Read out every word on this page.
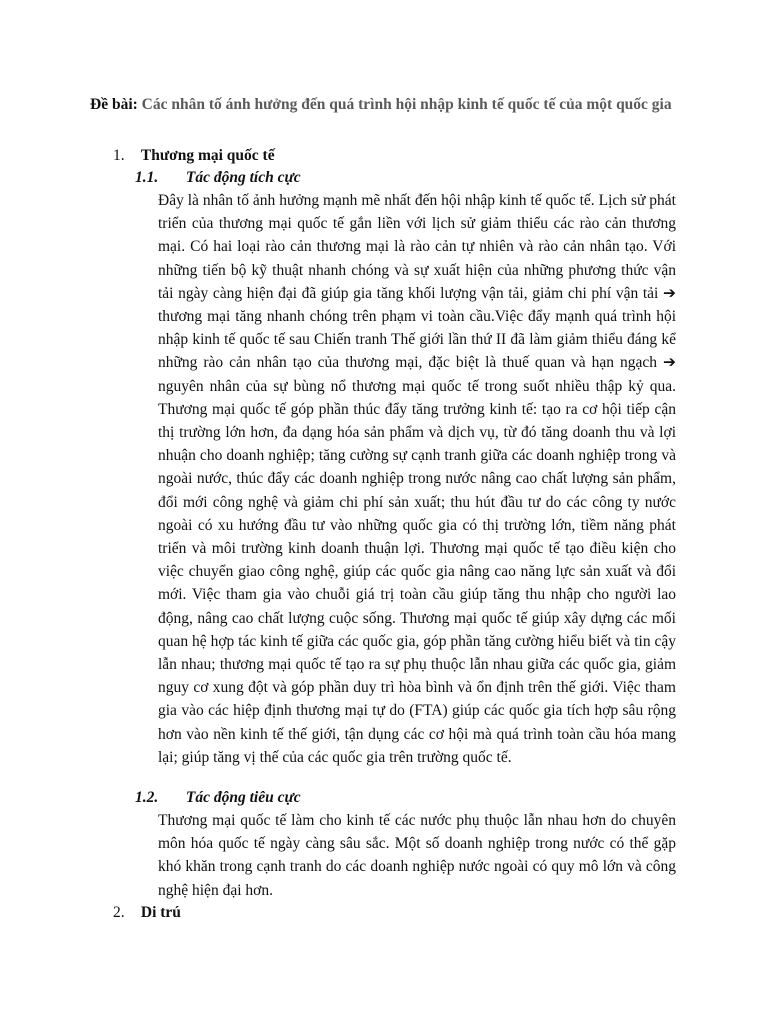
Đề bài: Các nhân tố ánh hưởng đến quá trình hội nhập kinh tế quốc tế của một quốc gia
1. Thương mại quốc tế
1.1. Tác động tích cực
Đây là nhân tố ảnh hưởng mạnh mẽ nhất đến hội nhập kinh tế quốc tế. Lịch sử phát triển của thương mại quốc tế gắn liền với lịch sử giảm thiểu các rào cản thương mại. Có hai loại rào cản thương mại là rào cản tự nhiên và rào cản nhân tạo. Với những tiến bộ kỹ thuật nhanh chóng và sự xuất hiện của những phương thức vận tải ngày càng hiện đại đã giúp gia tăng khối lượng vận tải, giảm chi phí vận tải ➔ thương mại tăng nhanh chóng trên phạm vi toàn cầu.Việc đẩy mạnh quá trình hội nhập kinh tế quốc tế sau Chiến tranh Thế giới lần thứ II đã làm giảm thiểu đáng kể những rào cản nhân tạo của thương mại, đặc biệt là thuế quan và hạn ngạch ➔ nguyên nhân của sự bùng nổ thương mại quốc tế trong suốt nhiều thập kỷ qua. Thương mại quốc tế góp phần thúc đẩy tăng trưởng kinh tế: tạo ra cơ hội tiếp cận thị trường lớn hơn, đa dạng hóa sản phẩm và dịch vụ, từ đó tăng doanh thu và lợi nhuận cho doanh nghiệp; tăng cường sự cạnh tranh giữa các doanh nghiệp trong và ngoài nước, thúc đẩy các doanh nghiệp trong nước nâng cao chất lượng sản phẩm, đổi mới công nghệ và giảm chi phí sản xuất; thu hút đầu tư do các công ty nước ngoài có xu hướng đầu tư vào những quốc gia có thị trường lớn, tiềm năng phát triển và môi trường kinh doanh thuận lợi. Thương mại quốc tế tạo điều kiện cho việc chuyển giao công nghệ, giúp các quốc gia nâng cao năng lực sản xuất và đổi mới. Việc tham gia vào chuỗi giá trị toàn cầu giúp tăng thu nhập cho người lao động, nâng cao chất lượng cuộc sống. Thương mại quốc tế giúp xây dựng các mối quan hệ hợp tác kinh tế giữa các quốc gia, góp phần tăng cường hiểu biết và tin cậy lẫn nhau; thương mại quốc tế tạo ra sự phụ thuộc lẫn nhau giữa các quốc gia, giảm nguy cơ xung đột và góp phần duy trì hòa bình và ổn định trên thế giới. Việc tham gia vào các hiệp định thương mại tự do (FTA) giúp các quốc gia tích hợp sâu rộng hơn vào nền kinh tế thế giới, tận dụng các cơ hội mà quá trình toàn cầu hóa mang lại; giúp tăng vị thế của các quốc gia trên trường quốc tế.
1.2. Tác động tiêu cực
Thương mại quốc tế làm cho kinh tế các nước phụ thuộc lẫn nhau hơn do chuyên môn hóa quốc tế ngày càng sâu sắc. Một số doanh nghiệp trong nước có thể gặp khó khăn trong cạnh tranh do các doanh nghiệp nước ngoài có quy mô lớn và công nghệ hiện đại hơn.
2. Di trú
